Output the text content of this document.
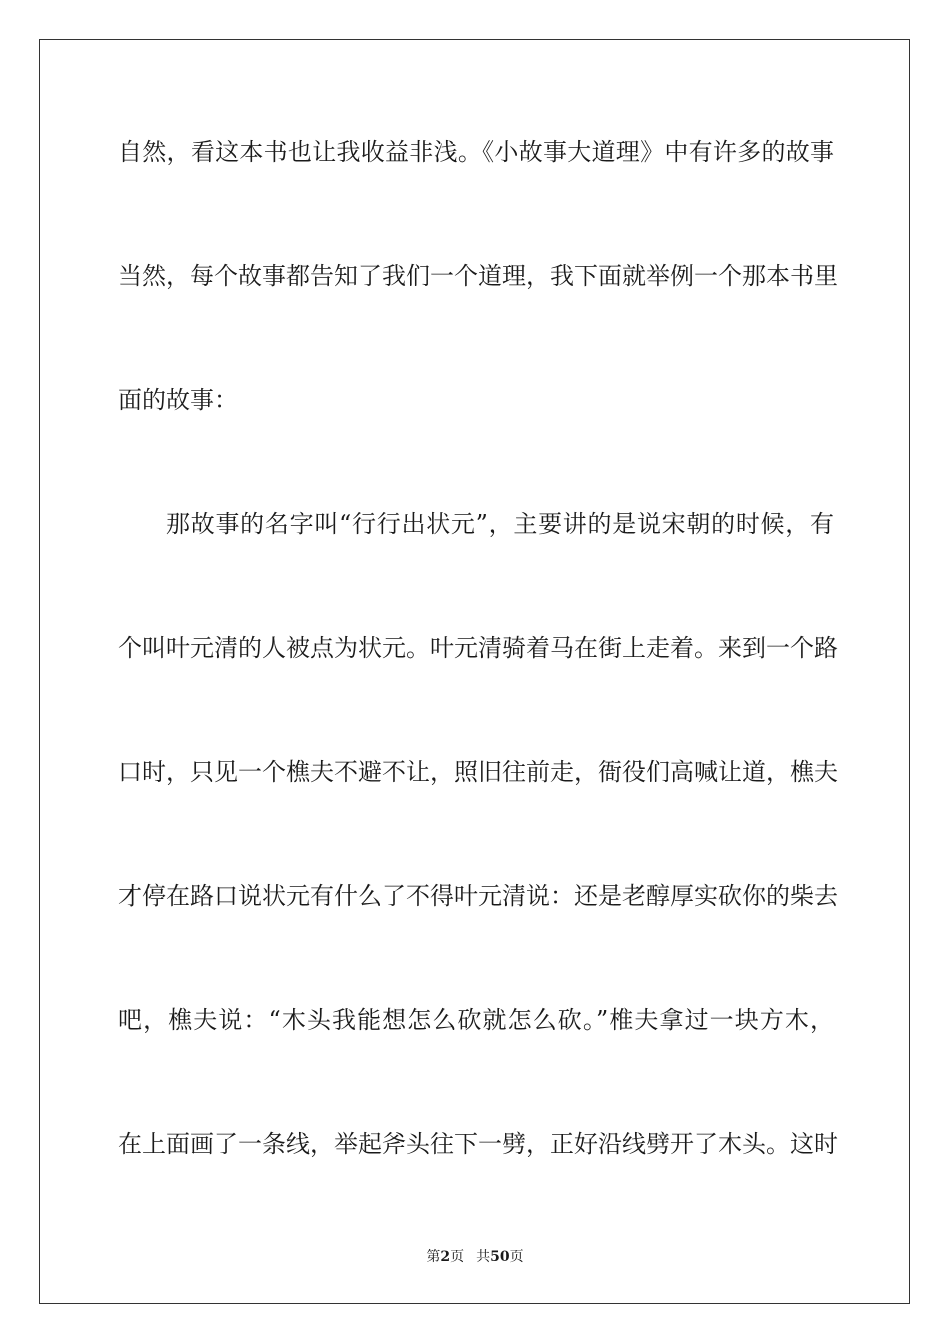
自然，看这本书也让我收益非浅。《小故事大道理》中有许多的故事
当然，每个故事都告知了我们一个道理，我下面就举例一个那本书里
面的故事：
那故事的名字叫“行行出状元”，主要讲的是说宋朝的时候，有
个叫叶元清的人被点为状元。叶元清骑着马在街上走着。来到一个路
口时，只见一个樵夫不避不让，照旧往前走，衙役们高喊让道，樵夫
才停在路口说状元有什么了不得叶元清说：还是老醇厚实砍你的柴去
吧，樵夫说：“木头我能想怎么砍就怎么砍。”椎夫拿过一块方木，
在上面画了一条线，举起斧头往下一劈，正好沿线劈开了木头。这时
第2页 共50页
